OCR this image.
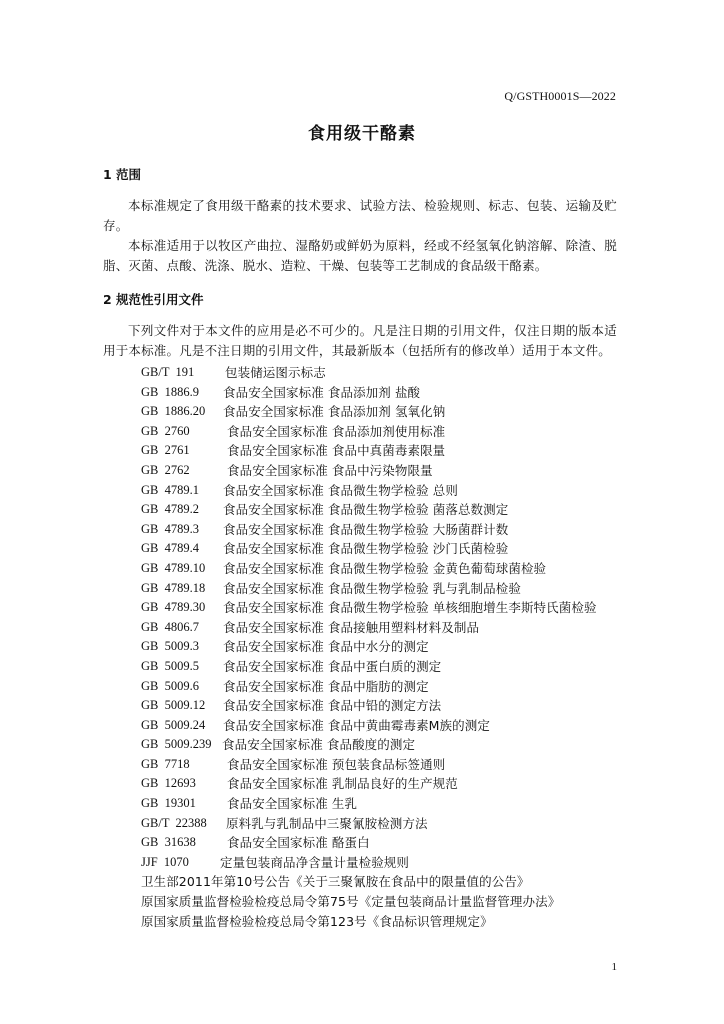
Q/GSTH0001S—2022
食用级干酪素
1 范围
本标准规定了食用级干酪素的技术要求、试验方法、检验规则、标志、包装、运输及贮存。
本标准适用于以牧区产曲拉、湿酪奶或鲜奶为原料，经或不经氢氧化钠溶解、除渣、脱脂、灭菌、点酸、洗涤、脱水、造粒、干燥、包装等工艺制成的食品级干酪素。
2 规范性引用文件
下列文件对于本文件的应用是必不可少的。凡是注日期的引用文件，仅注日期的版本适用于本标准。凡是不注日期的引用文件，其最新版本（包括所有的修改单）适用于本文件。
GB/T  191	包装储运图示标志
GB  1886.9	食品安全国家标准 食品添加剂 盐酸
GB  1886.20	食品安全国家标准 食品添加剂 氢氧化钠
GB  2760	食品安全国家标准 食品添加剂使用标准
GB  2761	食品安全国家标准 食品中真菌毒素限量
GB  2762	食品安全国家标准 食品中污染物限量
GB  4789.1	食品安全国家标准 食品微生物学检验 总则
GB  4789.2	食品安全国家标准 食品微生物学检验 菌落总数测定
GB  4789.3	食品安全国家标准 食品微生物学检验 大肠菌群计数
GB  4789.4	食品安全国家标准 食品微生物学检验 沙门氏菌检验
GB  4789.10	食品安全国家标准 食品微生物学检验 金黄色葡萄球菌检验
GB  4789.18	食品安全国家标准 食品微生物学检验 乳与乳制品检验
GB  4789.30	食品安全国家标准 食品微生物学检验 单核细胞增生李斯特氏菌检验
GB  4806.7	食品安全国家标准 食品接触用塑料材料及制品
GB  5009.3	食品安全国家标准 食品中水分的测定
GB  5009.5	食品安全国家标准 食品中蛋白质的测定
GB  5009.6	食品安全国家标准 食品中脂肪的测定
GB  5009.12	食品安全国家标准 食品中铅的测定方法
GB  5009.24	食品安全国家标准 食品中黄曲霉毒素M族的测定
GB  5009.239 食品安全国家标准 食品酸度的测定
GB  7718	食品安全国家标准 预包装食品标签通则
GB  12693	食品安全国家标准 乳制品良好的生产规范
GB  19301	食品安全国家标准 生乳
GB/T  22388	原料乳与乳制品中三聚氰胺检测方法
GB  31638	食品安全国家标准 酪蛋白
JJF  1070	定量包装商品净含量计量检验规则
卫生部2011年第10号公告《关于三聚氰胺在食品中的限量值的公告》
原国家质量监督检验检疫总局令第75号《定量包装商品计量监督管理办法》
原国家质量监督检验检疫总局令第123号《食品标识管理规定》
1
